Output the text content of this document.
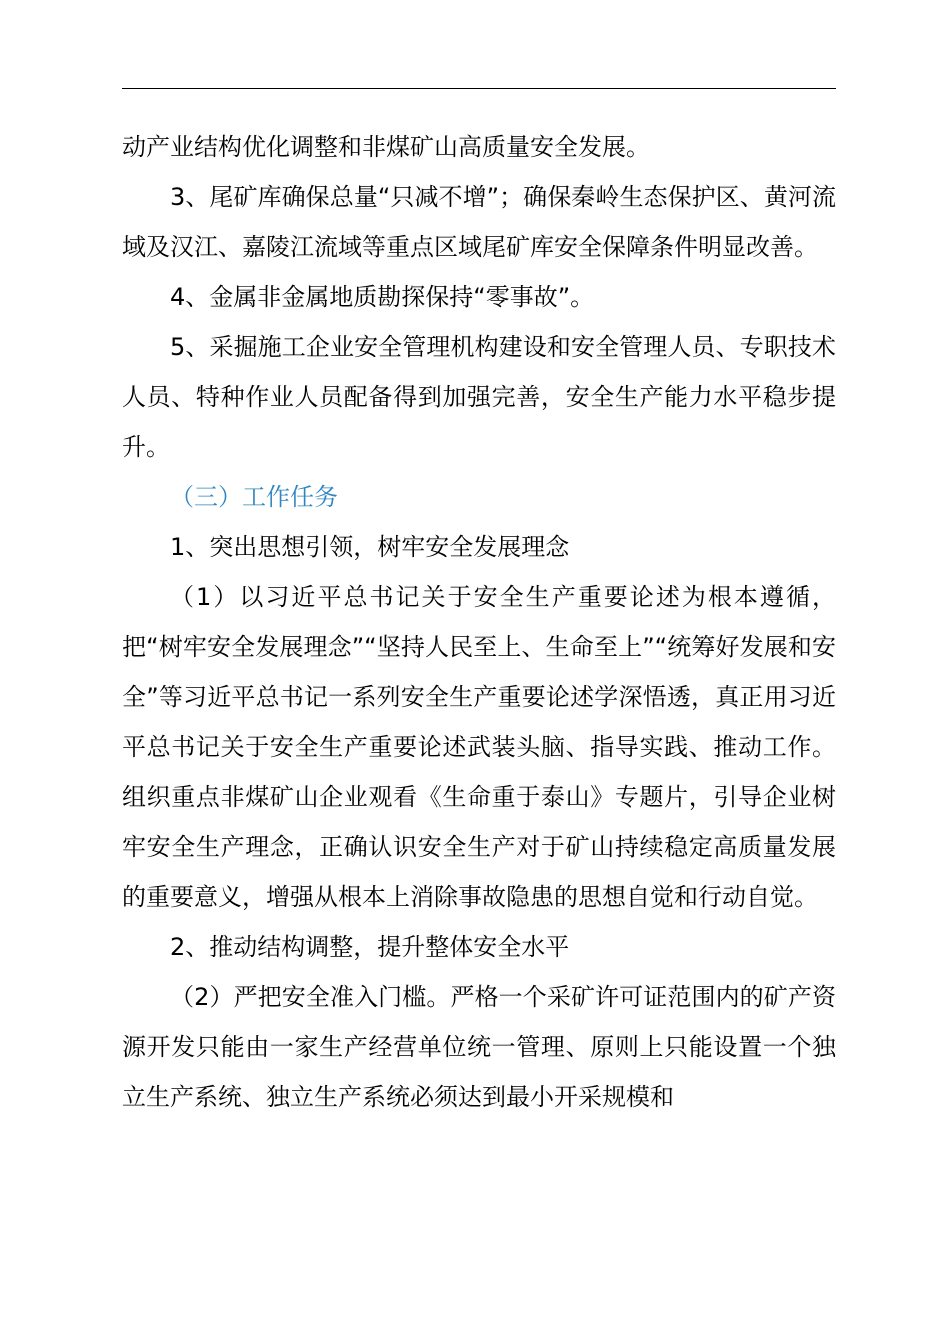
动产业结构优化调整和非煤矿山高质量安全发展。

3、尾矿库确保总量“只减不增”；确保秦岭生态保护区、黄河流域及汉江、嘉陵江流域等重点区域尾矿库安全保障条件明显改善。

4、金属非金属地质勘探保持“零事故”。

5、采掘施工企业安全管理机构建设和安全管理人员、专职技术人员、特种作业人员配备得到加强完善，安全生产能力水平稳步提升。

（三）工作任务

1、突出思想引领，树牢安全发展理念

（1）以习近平总书记关于安全生产重要论述为根本遵循，把“树牢安全发展理念”“坚持人民至上、生命至上”“统筹好发展和安全”等习近平总书记一系列安全生产重要论述学深悟透，真正用习近平总书记关于安全生产重要论述武装头脑、指导实践、推动工作。组织重点非煤矿山企业观看《生命重于泰山》专题片，引导企业树牢安全生产理念，正确认识安全生产对于矿山持续稳定高质量发展的重要意义，增强从根本上消除事故隐患的思想自觉和行动自觉。

2、推动结构调整，提升整体安全水平

（2）严把安全准入门槛。严格一个采矿许可证范围内的矿产资源开发只能由一家生产经营单位统一管理、原则上只能设置一个独立生产系统、独立生产系统必须达到最小开采规模和
